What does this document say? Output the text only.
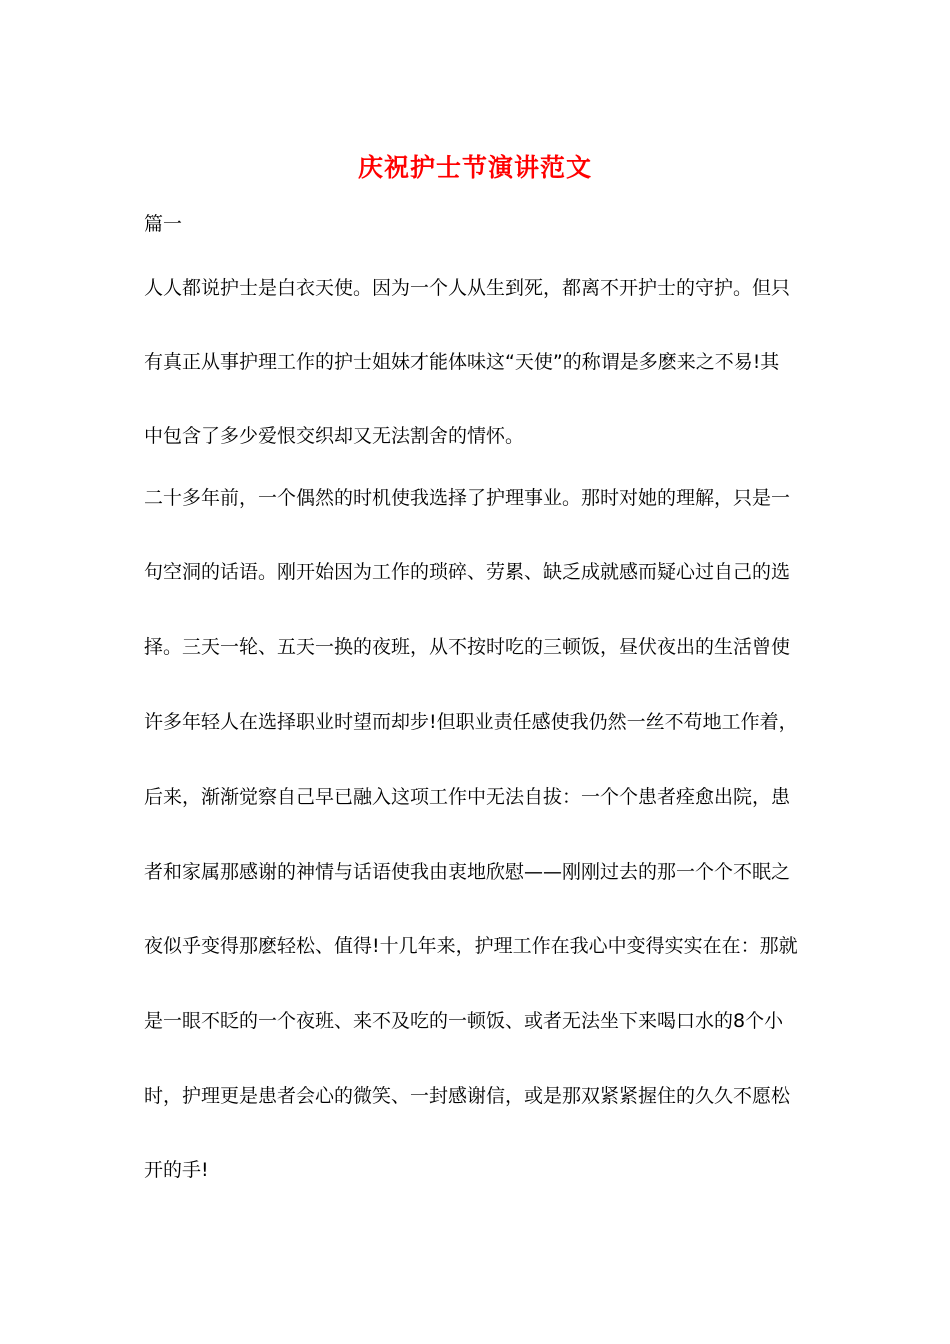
庆祝护士节演讲范文
篇一
人人都说护士是白衣天使。因为一个人从生到死，都离不开护士的守护。但只
有真正从事护理工作的护士姐妹才能体味这“天使”的称谓是多麽来之不易!其
中包含了多少爱恨交织却又无法割舍的情怀。
二十多年前，一个偶然的时机使我选择了护理事业。那时对她的理解，只是一
句空洞的话语。刚开始因为工作的琐碎、劳累、缺乏成就感而疑心过自己的选
择。三天一轮、五天一换的夜班，从不按时吃的三顿饭，昼伏夜出的生活曾使
许多年轻人在选择职业时望而却步!但职业责任感使我仍然一丝不苟地工作着，
后来，渐渐觉察自己早已融入这项工作中无法自拔：一个个患者痊愈出院，患
者和家属那感谢的神情与话语使我由衷地欣慰——刚刚过去的那一个个不眠之
夜似乎变得那麽轻松、值得!十几年来，护理工作在我心中变得实实在在：那就
是一眼不眨的一个夜班、来不及吃的一顿饭、或者无法坐下来喝口水的8个小
时，护理更是患者会心的微笑、一封感谢信，或是那双紧紧握住的久久不愿松
开的手!
